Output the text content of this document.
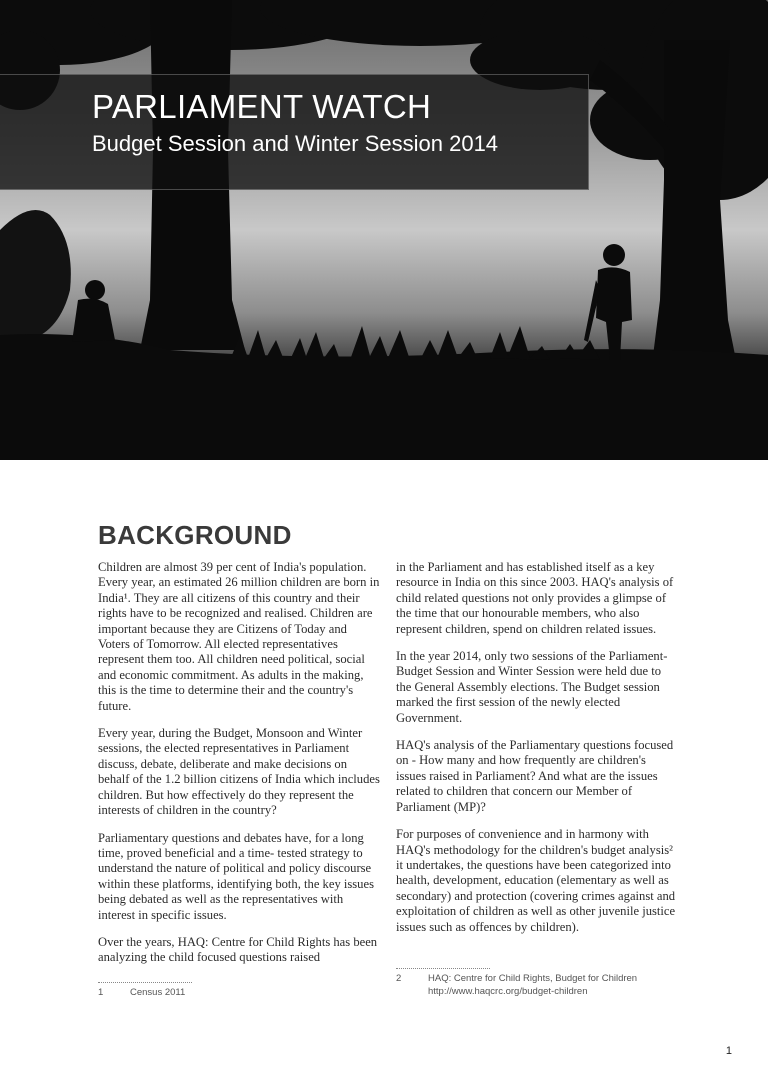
PARLIAMENT WATCH
Budget Session and Winter Session 2014
BACKGROUND

Children are almost 39 per cent of India's population. Every year, an estimated 26 million children are born in India¹. They are all citizens of this country and their rights have to be recognized and realised. Children are important because they are Citizens of Today and Voters of Tomorrow. All elected representatives represent them too. All children need political, social and economic commitment. As adults in the making, this is the time to determine their and the country's future.

Every year, during the Budget, Monsoon and Winter sessions, the elected representatives in Parliament discuss, debate, deliberate and make decisions on behalf of the 1.2 billion citizens of India which includes children. But how effectively do they represent the interests of children in the country?

Parliamentary questions and debates have, for a long time, proved beneficial and a time- tested strategy to understand the nature of political and policy discourse within these platforms, identifying both, the key issues being debated as well as the representatives with interest in specific issues.

Over the years, HAQ: Centre for Child Rights has been analyzing the child focused questions raised

in the Parliament and has established itself as a key resource in India on this since 2003. HAQ's analysis of child related questions not only provides a glimpse of the time that our honourable members, who also represent children, spend on children related issues.

In the year 2014, only two sessions of the Parliament- Budget Session and Winter Session were held due to the General Assembly elections. The Budget session marked the first session of the newly elected Government.

HAQ's analysis of the Parliamentary questions focused on - How many and how frequently are children's issues raised in Parliament? And what are the issues related to children that concern our Member of Parliament (MP)?

For purposes of convenience and in harmony with HAQ's methodology for the children's budget analysis² it undertakes, the questions have been categorized into health, development, education (elementary as well as secondary) and protection (covering crimes against and exploitation of children as well as other juvenile justice issues such as offences by children).

1	Census 2011
2	HAQ: Centre for Child Rights, Budget for Children
http://www.haqcrc.org/budget-children
1
